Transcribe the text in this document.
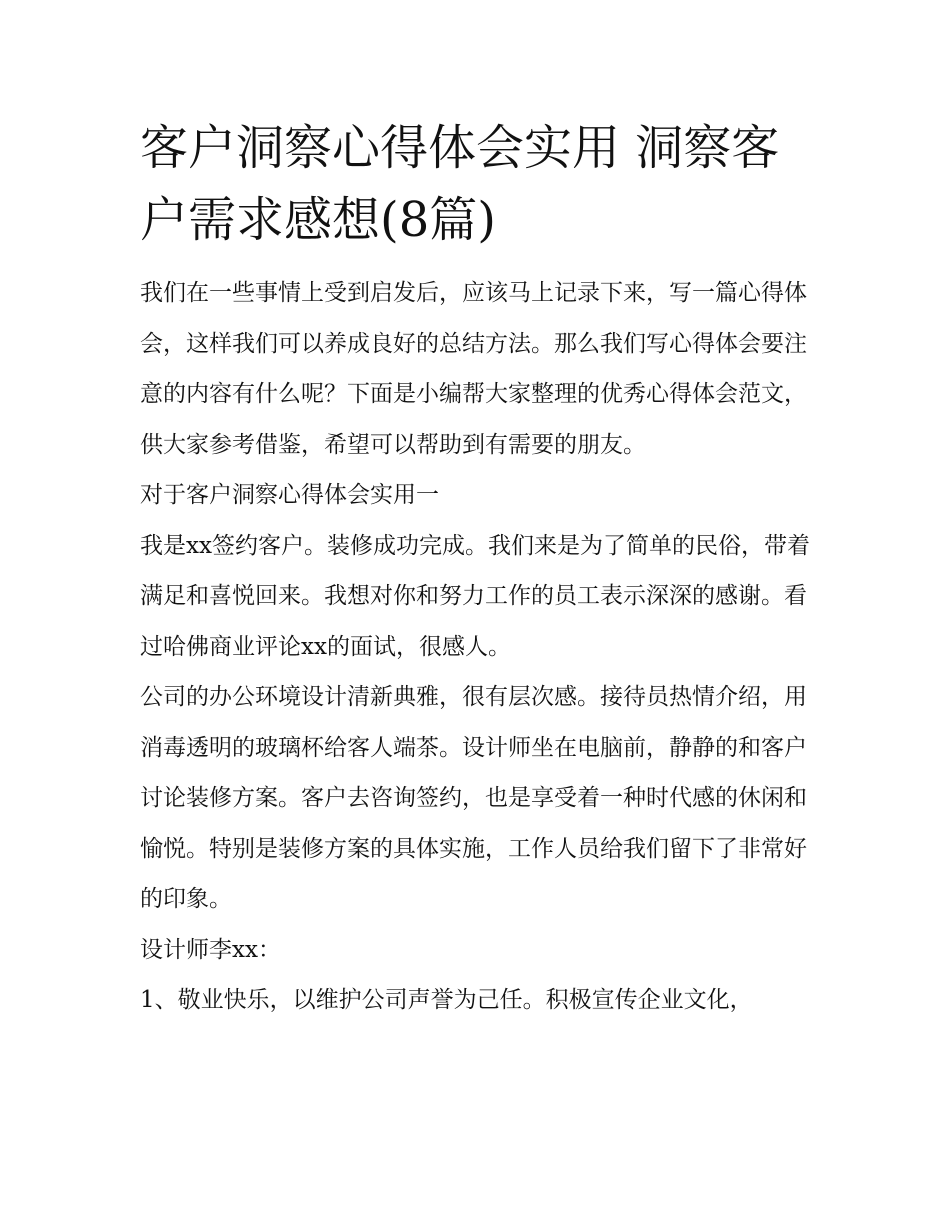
客户洞察心得体会实用 洞察客户需求感想(8篇)

我们在一些事情上受到启发后，应该马上记录下来，写一篇心得体会，这样我们可以养成良好的总结方法。那么我们写心得体会要注意的内容有什么呢？下面是小编帮大家整理的优秀心得体会范文，供大家参考借鉴，希望可以帮助到有需要的朋友。

对于客户洞察心得体会实用一

我是xx签约客户。装修成功完成。我们来是为了简单的民俗，带着满足和喜悦回来。我想对你和努力工作的员工表示深深的感谢。看过哈佛商业评论xx的面试，很感人。

公司的办公环境设计清新典雅，很有层次感。接待员热情介绍，用消毒透明的玻璃杯给客人端茶。设计师坐在电脑前，静静的和客户讨论装修方案。客户去咨询签约，也是享受着一种时代感的休闲和愉悦。特别是装修方案的具体实施，工作人员给我们留下了非常好的印象。

设计师李xx：

1、敬业快乐，以维护公司声誉为己任。积极宣传企业文化，
